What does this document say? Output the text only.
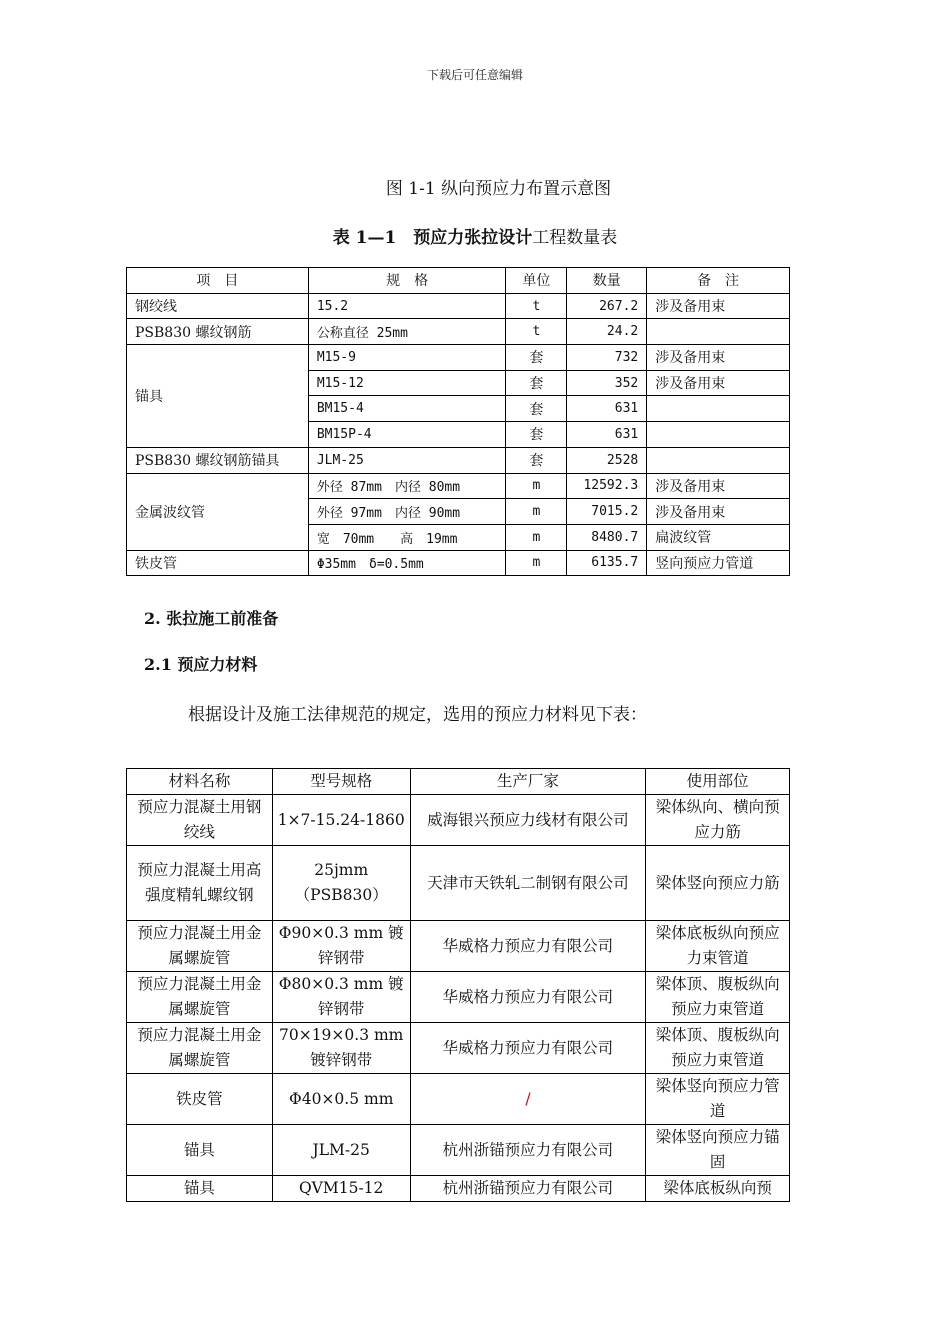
下载后可任意编辑
图 1-1 纵向预应力布置示意图
表 1—1　预应力张拉设计工程数量表
项　目	规　格	单位	数量	备　注
钢绞线	15.2	t	267.2	涉及备用束
PSB830 螺纹钢筋	公称直径 25mm	t	24.2	
锚具	M15-9	套	732	涉及备用束
	M15-12	套	352	涉及备用束
	BM15-4	套	631	
	BM15P-4	套	631	
PSB830 螺纹钢筋锚具	JLM-25	套	2528	
金属波纹管	外径 87mm　内径 80mm	m	12592.3	涉及备用束
	外径 97mm　内径 90mm	m	7015.2	涉及备用束
	宽　70mm　　高　19mm	m	8480.7	扁波纹管
铁皮管	Φ35mm　δ=0.5mm	m	6135.7	竖向预应力管道
2. 张拉施工前准备
2.1 预应力材料
根据设计及施工法律规范的规定，选用的预应力材料见下表：
材料名称	型号规格	生产厂家	使用部位
预应力混凝土用钢绞线	1×7-15.24-1860	威海银兴预应力线材有限公司	梁体纵向、横向预应力筋
预应力混凝土用高强度精轧螺纹钢	25jmm（PSB830）	天津市天铁轧二制钢有限公司	梁体竖向预应力筋
预应力混凝土用金属螺旋管	Φ90×0.3 mm 镀锌钢带	华威格力预应力有限公司	梁体底板纵向预应力束管道
预应力混凝土用金属螺旋管	Φ80×0.3 mm 镀锌钢带	华威格力预应力有限公司	梁体顶、腹板纵向预应力束管道
预应力混凝土用金属螺旋管	70×19×0.3 mm 镀锌钢带	华威格力预应力有限公司	梁体顶、腹板纵向预应力束管道
铁皮管	Φ40×0.5 mm	/	梁体竖向预应力管道
锚具	JLM-25	杭州浙锚预应力有限公司	梁体竖向预应力锚固
锚具	QVM15-12	杭州浙锚预应力有限公司	梁体底板纵向预
